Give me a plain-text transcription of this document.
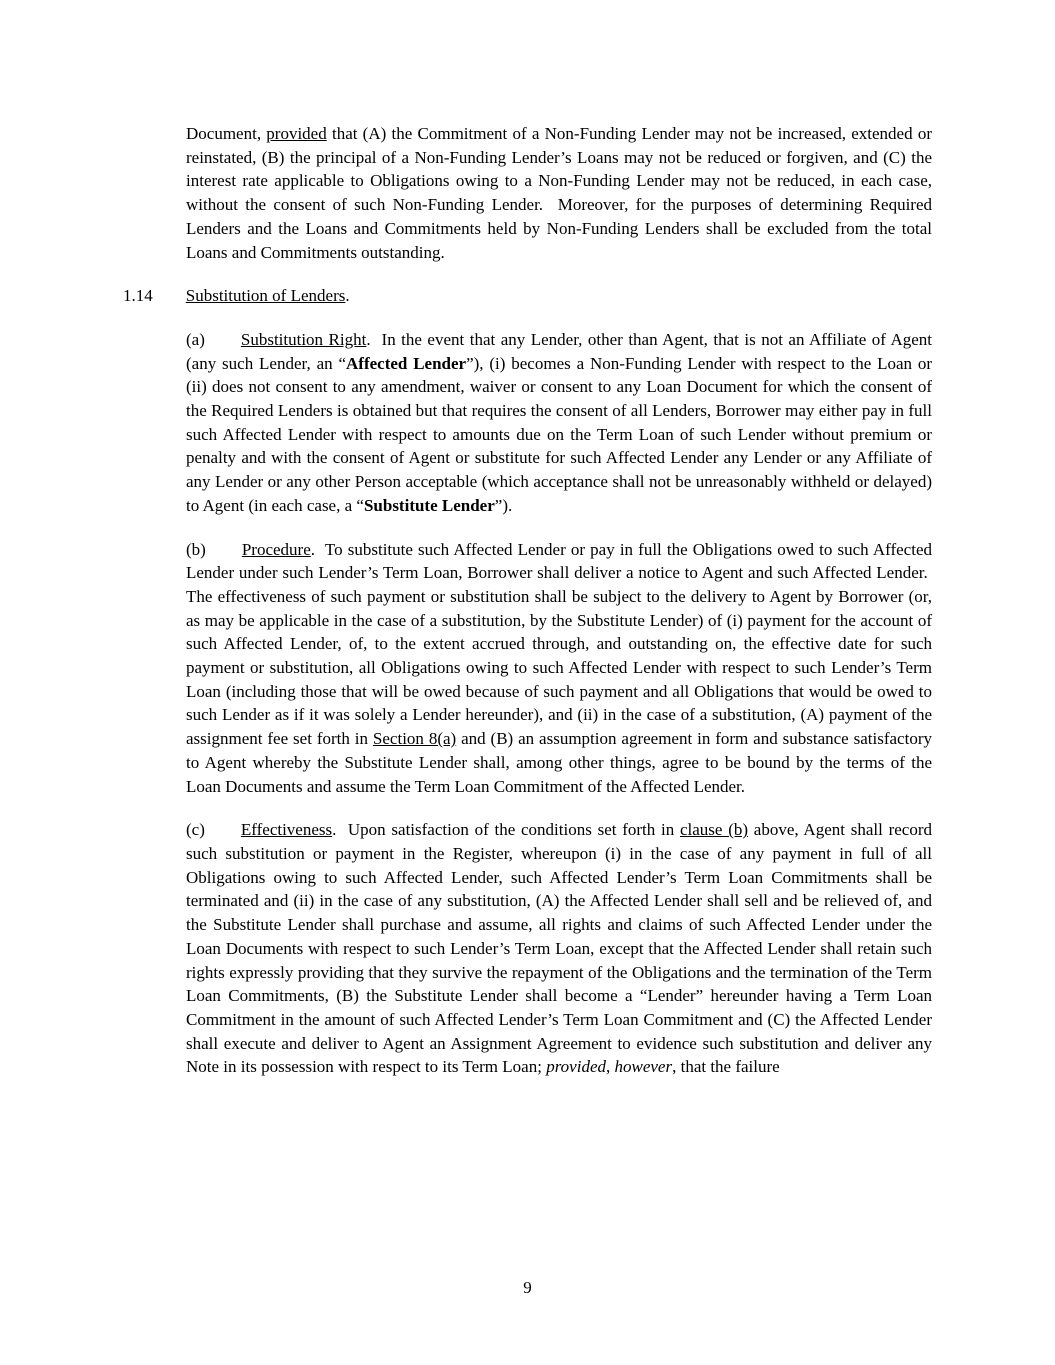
Document, provided that (A) the Commitment of a Non-Funding Lender may not be increased, extended or reinstated, (B) the principal of a Non-Funding Lender’s Loans may not be reduced or forgiven, and (C) the interest rate applicable to Obligations owing to a Non-Funding Lender may not be reduced, in each case, without the consent of such Non-Funding Lender.  Moreover, for the purposes of determining Required Lenders and the Loans and Commitments held by Non-Funding Lenders shall be excluded from the total Loans and Commitments outstanding.

1.14 Substitution of Lenders.

(a) Substitution Right.  In the event that any Lender, other than Agent, that is not an Affiliate of Agent (any such Lender, an “Affected Lender”), (i) becomes a Non-Funding Lender with respect to the Loan or (ii) does not consent to any amendment, waiver or consent to any Loan Document for which the consent of the Required Lenders is obtained but that requires the consent of all Lenders, Borrower may either pay in full such Affected Lender with respect to amounts due on the Term Loan of such Lender without premium or penalty and with the consent of Agent or substitute for such Affected Lender any Lender or any Affiliate of any Lender or any other Person acceptable (which acceptance shall not be unreasonably withheld or delayed) to Agent (in each case, a “Substitute Lender”).

(b) Procedure.  To substitute such Affected Lender or pay in full the Obligations owed to such Affected Lender under such Lender’s Term Loan, Borrower shall deliver a notice to Agent and such Affected Lender.  The effectiveness of such payment or substitution shall be subject to the delivery to Agent by Borrower (or, as may be applicable in the case of a substitution, by the Substitute Lender) of (i) payment for the account of such Affected Lender, of, to the extent accrued through, and outstanding on, the effective date for such payment or substitution, all Obligations owing to such Affected Lender with respect to such Lender’s Term Loan (including those that will be owed because of such payment and all Obligations that would be owed to such Lender as if it was solely a Lender hereunder), and (ii) in the case of a substitution, (A) payment of the assignment fee set forth in Section 8(a) and (B) an assumption agreement in form and substance satisfactory to Agent whereby the Substitute Lender shall, among other things, agree to be bound by the terms of the Loan Documents and assume the Term Loan Commitment of the Affected Lender.

(c) Effectiveness.  Upon satisfaction of the conditions set forth in clause (b) above, Agent shall record such substitution or payment in the Register, whereupon (i) in the case of any payment in full of all Obligations owing to such Affected Lender, such Affected Lender’s Term Loan Commitments shall be terminated and (ii) in the case of any substitution, (A) the Affected Lender shall sell and be relieved of, and the Substitute Lender shall purchase and assume, all rights and claims of such Affected Lender under the Loan Documents with respect to such Lender’s Term Loan, except that the Affected Lender shall retain such rights expressly providing that they survive the repayment of the Obligations and the termination of the Term Loan Commitments, (B) the Substitute Lender shall become a “Lender” hereunder having a Term Loan Commitment in the amount of such Affected Lender’s Term Loan Commitment and (C) the Affected Lender shall execute and deliver to Agent an Assignment Agreement to evidence such substitution and deliver any Note in its possession with respect to its Term Loan; provided, however, that the failure

9
